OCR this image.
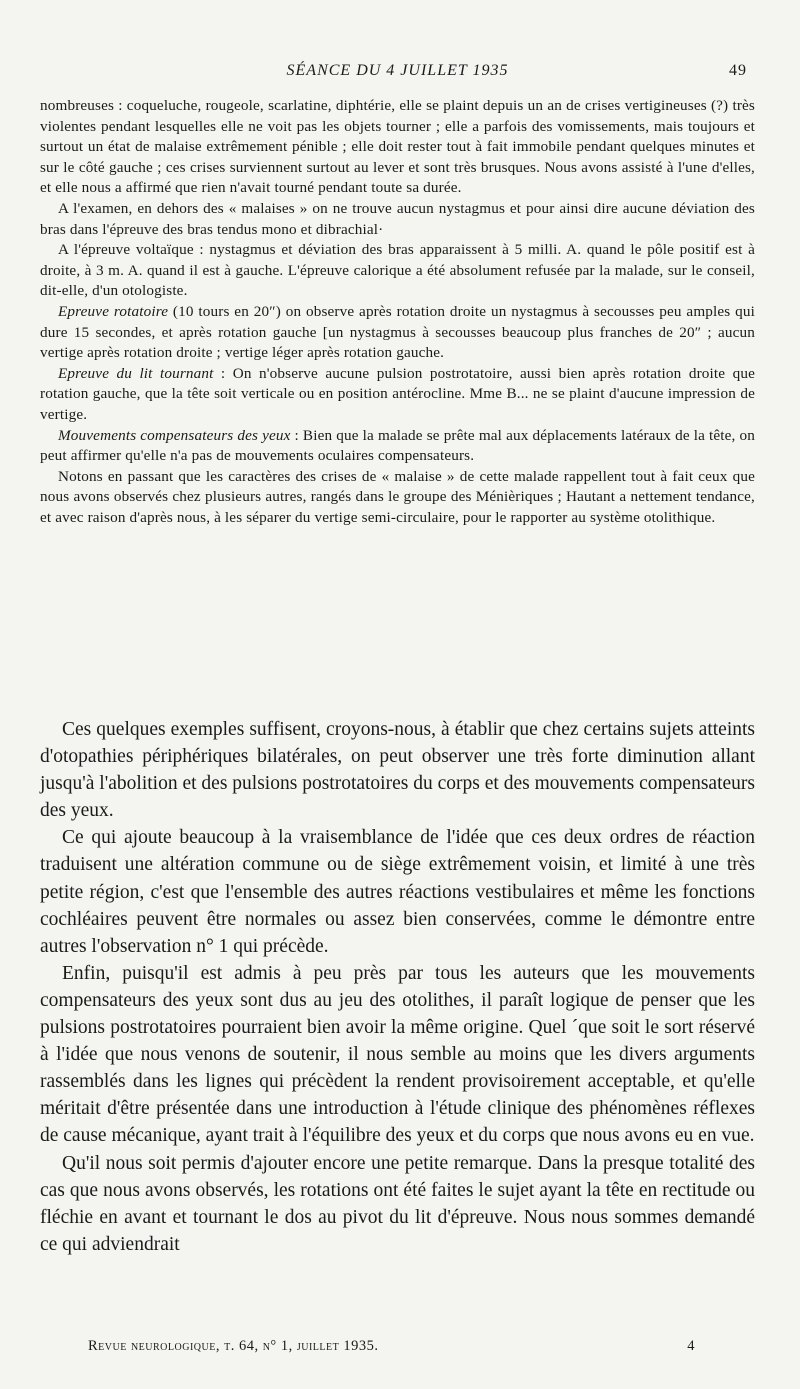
SÉANCE DU 4 JUILLET 1935	49

nombreuses : coqueluche, rougeole, scarlatine, diphtérie, elle se plaint depuis un an de crises vertigineuses (?) très violentes pendant lesquelles elle ne voit pas les objets tourner ; elle a parfois des vomissements, mais toujours et surtout un état de malaise extrêmement pénible ; elle doit rester tout à fait immobile pendant quelques minutes et sur le côté gauche ; ces crises surviennent surtout au lever et sont très brusques. Nous avons assisté à l'une d'elles, et elle nous a affirmé que rien n'avait tourné pendant toute sa durée.

A l'examen, en dehors des « malaises » on ne trouve aucun nystagmus et pour ainsi dire aucune déviation des bras dans l'épreuve des bras tendus mono et dibrachial·

A l'épreuve voltaïque : nystagmus et déviation des bras apparaissent à 5 milli. A. quand le pôle positif est à droite, à 3 m. A. quand il est à gauche. L'épreuve calorique a été absolument refusée par la malade, sur le conseil, dit-elle, d'un otologiste.

Epreuve rotatoire (10 tours en 20″) on observe après rotation droite un nystagmus à secousses peu amples qui dure 15 secondes, et après rotation gauche [un nystagmus à secousses beaucoup plus franches de 20″ ; aucun vertige après rotation droite ; vertige léger après rotation gauche.

Epreuve du lit tournant : On n'observe aucune pulsion postrotatoire, aussi bien après rotation droite que rotation gauche, que la tête soit verticale ou en position antérocline. Mme B... ne se plaint d'aucune impression de vertige.

Mouvements compensateurs des yeux : Bien que la malade se prête mal aux déplacements latéraux de la tête, on peut affirmer qu'elle n'a pas de mouvements oculaires compensateurs.

Notons en passant que les caractères des crises de « malaise » de cette malade rappellent tout à fait ceux que nous avons observés chez plusieurs autres, rangés dans le groupe des Ménièriques ; Hautant a nettement tendance, et avec raison d'après nous, à les séparer du vertige semi-circulaire, pour le rapporter au système otolithique.

Ces quelques exemples suffisent, croyons-nous, à établir que chez certains sujets atteints d'otopathies périphériques bilatérales, on peut observer une très forte diminution allant jusqu'à l'abolition et des pulsions postrotatoires du corps et des mouvements compensateurs des yeux.

Ce qui ajoute beaucoup à la vraisemblance de l'idée que ces deux ordres de réaction traduisent une altération commune ou de siège extrêmement voisin, et limité à une très petite région, c'est que l'ensemble des autres réactions vestibulaires et même les fonctions cochléaires peuvent être normales ou assez bien conservées, comme le démontre entre autres l'observation n° 1 qui précède.

Enfin, puisqu'il est admis à peu près par tous les auteurs que les mouvements compensateurs des yeux sont dus au jeu des otolithes, il paraît logique de penser que les pulsions postrotatoires pourraient bien avoir la même origine. Quel ´que soit le sort réservé à l'idée que nous venons de soutenir, il nous semble au moins que les divers arguments rassemblés dans les lignes qui précèdent la rendent provisoirement acceptable, et qu'elle méritait d'être présentée dans une introduction à l'étude clinique des phénomènes réflexes de cause mécanique, ayant trait à l'équilibre des yeux et du corps que nous avons eu en vue.

Qu'il nous soit permis d'ajouter encore une petite remarque. Dans la presque totalité des cas que nous avons observés, les rotations ont été faites le sujet ayant la tête en rectitude ou fléchie en avant et tournant le dos au pivot du lit d'épreuve. Nous nous sommes demandé ce qui adviendrait

Revue neurologique, t. 64, n° 1, juillet 1935.	4
